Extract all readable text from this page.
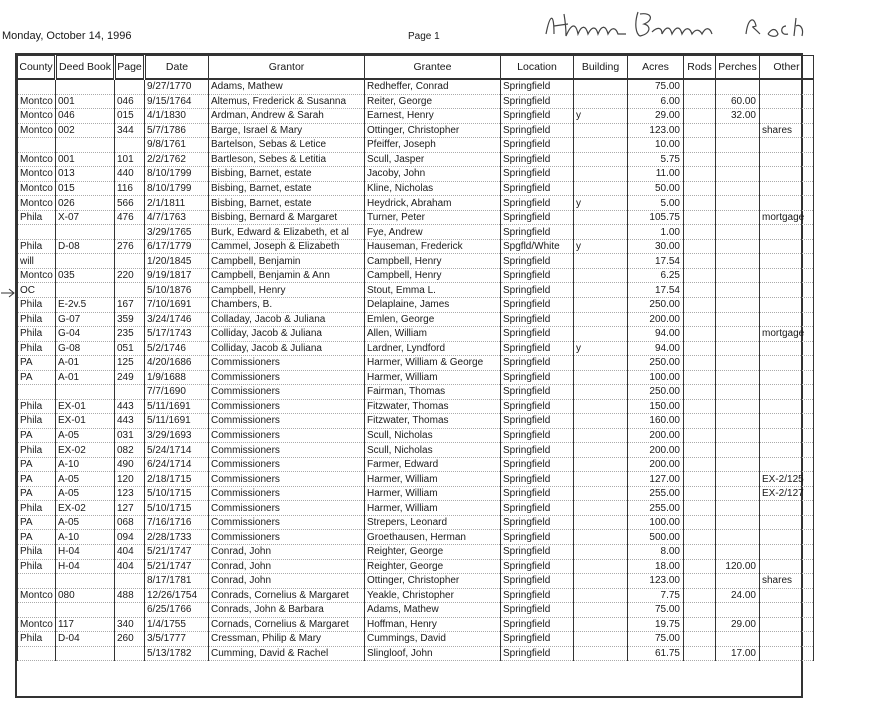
Monday, October 14, 1996	Page 1
County	Deed Book	Page	Date	Grantor	Grantee	Location	Building	Acres	Rods	Perches	Other
			9/27/1770	Adams, Mathew	Redheffer, Conrad	Springfield		75.00			
Montco	001	046	9/15/1764	Altemus, Frederick & Susanna	Reiter, George	Springfield		6.00		60.00	
Montco	046	015	4/1/1830	Ardman, Andrew & Sarah	Earnest, Henry	Springfield	y	29.00		32.00	
Montco	002	344	5/7/1786	Barge, Israel & Mary	Ottinger, Christopher	Springfield		123.00			shares
			9/8/1761	Bartelson, Sebas & Letice	Pfeiffer, Joseph	Springfield		10.00			
Montco	001	101	2/2/1762	Bartleson, Sebes & Letitia	Scull, Jasper	Springfield		5.75			
Montco	013	440	8/10/1799	Bisbing, Barnet, estate	Jacoby, John	Springfield		11.00			
Montco	015	116	8/10/1799	Bisbing, Barnet, estate	Kline, Nicholas	Springfield		50.00			
Montco	026	566	2/1/1811	Bisbing, Barnet, estate	Heydrick, Abraham	Springfield	y	5.00			
Phila	X-07	476	4/7/1763	Bisbing, Bernard & Margaret	Turner, Peter	Springfield		105.75			mortgage
			3/29/1765	Burk, Edward & Elizabeth, et al	Fye, Andrew	Springfield		1.00			
Phila	D-08	276	6/17/1779	Cammel, Joseph & Elizabeth	Hauseman, Frederick	Spgfld/White	y	30.00			
will			1/20/1845	Campbell, Benjamin	Campbell, Henry	Springfield		17.54			
Montco	035	220	9/19/1817	Campbell, Benjamin & Ann	Campbell, Henry	Springfield		6.25			
OC			5/10/1876	Campbell, Henry	Stout, Emma L.	Springfield		17.54			
Phila	E-2v.5	167	7/10/1691	Chambers, B.	Delaplaine, James	Springfield		250.00			
Phila	G-07	359	3/24/1746	Colladay, Jacob & Juliana	Emlen, George	Springfield		200.00			
Phila	G-04	235	5/17/1743	Colliday, Jacob & Juliana	Allen, William	Springfield		94.00			mortgage
Phila	G-08	051	5/2/1746	Colliday, Jacob & Juliana	Lardner, Lyndford	Springfield	y	94.00			
PA	A-01	125	4/20/1686	Commissioners	Harmer, William & George	Springfield		250.00			
PA	A-01	249	1/9/1688	Commissioners	Harmer, William	Springfield		100.00			
			7/7/1690	Commissioners	Fairman, Thomas	Springfield		250.00			
Phila	EX-01	443	5/11/1691	Commissioners	Fitzwater, Thomas	Springfield		150.00			
Phila	EX-01	443	5/11/1691	Commissioners	Fitzwater, Thomas	Springfield		160.00			
PA	A-05	031	3/29/1693	Commissioners	Scull, Nicholas	Springfield		200.00			
Phila	EX-02	082	5/24/1714	Commissioners	Scull, Nicholas	Springfield		200.00			
PA	A-10	490	6/24/1714	Commissioners	Farmer, Edward	Springfield		200.00			
PA	A-05	120	2/18/1715	Commissioners	Harmer, William	Springfield		127.00			EX-2/125
PA	A-05	123	5/10/1715	Commissioners	Harmer, William	Springfield		255.00			EX-2/127
Phila	EX-02	127	5/10/1715	Commissioners	Harmer, William	Springfield		255.00			
PA	A-05	068	7/16/1716	Commissioners	Strepers, Leonard	Springfield		100.00			
PA	A-10	094	2/28/1733	Commissioners	Groethausen, Herman	Springfield		500.00			
Phila	H-04	404	5/21/1747	Conrad, John	Reighter, George	Springfield		8.00			
Phila	H-04	404	5/21/1747	Conrad, John	Reighter, George	Springfield		18.00		120.00	
			8/17/1781	Conrad, John	Ottinger, Christopher	Springfield		123.00			shares
Montco	080	488	12/26/1754	Conrads, Cornelius & Margaret	Yeakle, Christopher	Springfield		7.75		24.00	
			6/25/1766	Conrads, John & Barbara	Adams, Mathew	Springfield		75.00			
Montco	117	340	1/4/1755	Cornads, Cornelius & Margaret	Hoffman, Henry	Springfield		19.75		29.00	
Phila	D-04	260	3/5/1777	Cressman, Philip & Mary	Cummings, David	Springfield		75.00			
			5/13/1782	Cumming, David & Rachel	Slingloof, John	Springfield		61.75		17.00	
